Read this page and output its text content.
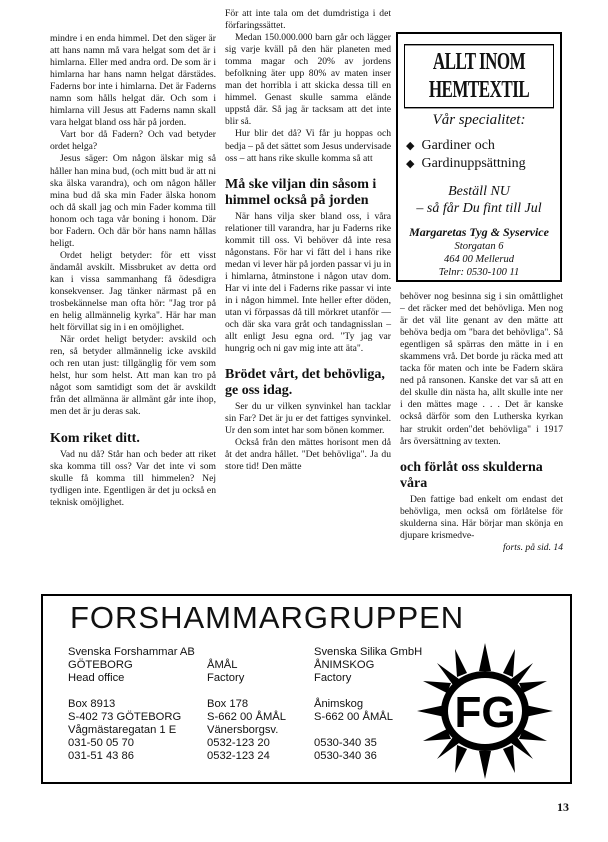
mindre i en enda himmel. Det den säger är att hans namn må vara helgat som det är i himlarna. Eller med andra ord. De som är i himlarna har hans namn helgat därstädes. Faderns bor inte i himlarna. Det är Faderns namn som hålls helgat där. Och som i himlarna vill Jesus att Faderns namn skall vara helgat bland oss här på jorden.

Vart bor då Fadern? Och vad betyder ordet helga?

Jesus säger: Om någon älskar mig så håller han mina bud, (och mitt bud är att ni ska älska varandra), och om någon håller mina bud då ska min Fader älska honom och då skall jag och min Fader komma till honom och taga vår boning i honom. Där bor Fadern. Och där bör hans namn hållas heligt.

Ordet heligt betyder: för ett visst ändamål avskilt. Missbruket av detta ord kan i vissa sammanhang få ödesdigra konsekvenser. Jag tänker närmast på en trosbekännelse man ofta hör: "Jag tror på en helig allmännelig kyrka". Här har man helt förvillat sig in i en omöjlighet.

När ordet heligt betyder: avskild och ren, så betyder allmännelig icke avskild och ren utan just: tillgänglig för vem som helst, hur som helst. Att man kan tro på något som samtidigt som det är avskildt från det allmänna är allmänt går inte ihop, men det är ju deras sak.

Kom riket ditt.

Vad nu då? Står han och beder att riket ska komma till oss? Var det inte vi som skulle få komma till himmelen? Nej tydligen inte. Egentligen är det ju också en teknisk omöjlighet.

För att inte tala om det dumdristiga i det förfaringssättet.

Medan 150.000.000 barn går och lägger sig varje kväll på den här planeten med tomma magar och 20% av jordens befolkning äter upp 80% av maten inser man det horribla i att skicka dessa till en himmel. Genast skulle samma elände uppstå där. Så jag är tacksam att det inte blir så.

Hur blir det då? Vi får ju hoppas och bedja – på det sättet som Jesus undervisade oss – att hans rike skulle komma så att

Må ske viljan din såsom i himmel också på jorden

När hans vilja sker bland oss, i våra relationer till varandra, har ju Faderns rike kommit till oss. Vi behöver då inte resa någonstans. För har vi fått del i hans rike medan vi lever här på jorden passar vi ju in i himlarna, åtminstone i någon utav dom. Har vi inte del i Faderns rike passar vi inte in i någon himmel. Inte heller efter döden, utan vi förpassas då till mörkret utanför — och där ska vara gråt och tandagnisslan – allt enligt Jesu egna ord. "Ty jag var hungrig och ni gav mig inte att äta".

Brödet vårt, det behövliga, ge oss idag.

Ser du ur vilken synvinkel han tacklar sin Far? Det är ju er det fattiges synvinkel. Ur den som intet har som bönen kommer.

Också från den mättes horisont men då åt det andra hållet. "Det behövliga". Ja du store tid! Den mätte

ALLT INOM HEMTEXTIL
Vår specialitet:
◆ Gardiner och
◆ Gardinuppsättning
Beställ NU
– så får Du fint till Jul
Margaretas Tyg & Syservice
Storgatan 6
464 00 Mellerud
Telnr: 0530-100 11

behöver nog besinna sig i sin omåttlighet – det räcker med det behövliga. Men nog är det väl lite genant av den mätte att behöva bedja om "bara det behövliga". Så egentligen så spärras den mätte in i en skammens vrå. Det borde ju räcka med att tacka för maten och inte be Fadern skära ned på ransonen. Kanske det var så att en del skulle din nästa ha, allt skulle inte ner i den mättes mage . . . Det är kanske också därför som den Lutherska kyrkan har strukit orden"det behövliga" i 1917 års översättning av texten.

och förlåt oss skulderna våra

Den fattige bad enkelt om endast det behövliga, men också om förlåtelse för skulderna sina. Här börjar man skönja en djupare krismedve-

forts. på sid. 14
FORSHAMMARGRUPPEN
Svenska Forshammar AB
GÖTEBORG
Head office
Box 8913
S-402 73 GÖTEBORG
Vågmästaregatan 1 E
031-50 05 70
031-51 43 86
ÅMÅL
Factory
Box 178
S-662 00 ÅMÅL
Vänersborgsv.
0532-123 20
0532-123 24
Svenska Silika GmbH
ÅNIMSKOG
Factory
Ånimskog
S-662 00 ÅMÅL
0530-340 35
0530-340 36
FG
13
